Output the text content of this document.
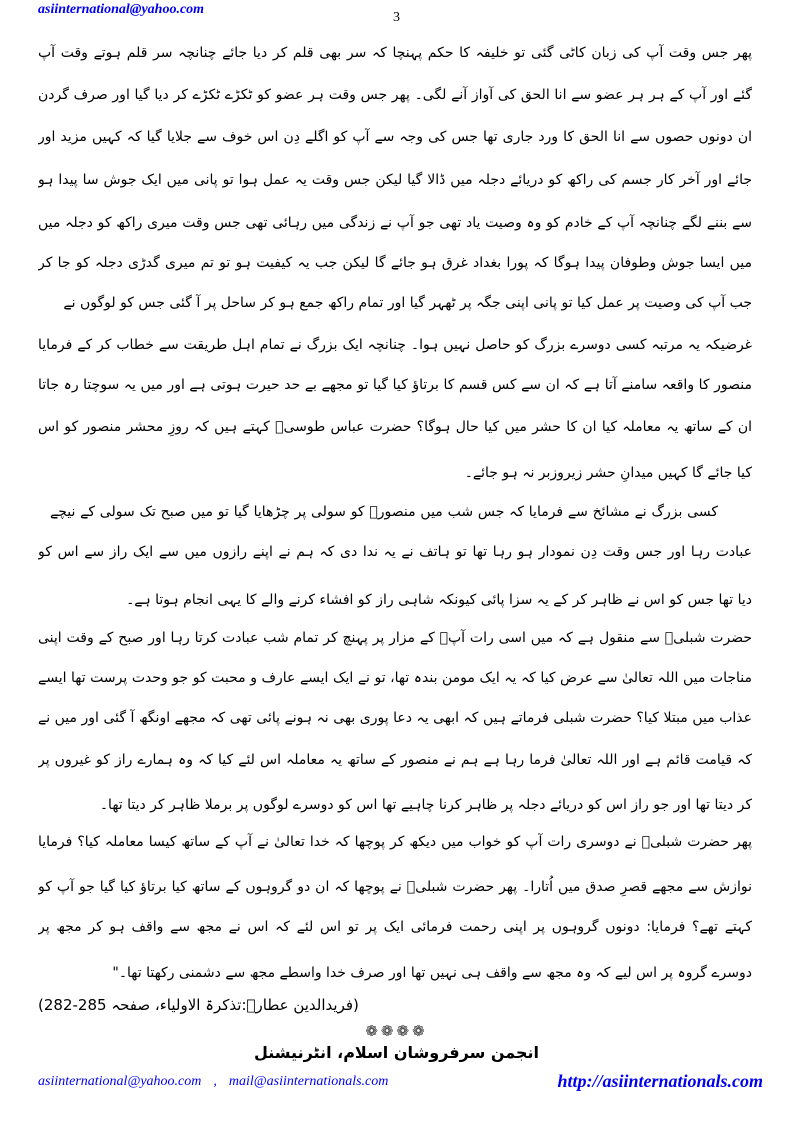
asiinternational@yahoo.com
3
پھر جس وقت آپ کی زبان کاٹی گئی تو خلیفہ کا حکم پہنچا کہ سر بھی قلم کر دیا جائے چنانچہ سر قلم ہوتے وقت آپ
گئے اور آپ کے ہر ہر عضو سے انا الحق کی آواز آنے لگی۔ پھر جس وقت ہر عضو کو ٹکڑے ٹکڑے کر دیا گیا اور صرف گردن
ان دونوں حصوں سے انا الحق کا ورد جاری تھا جس کی وجہ سے آپ کو اگلے دِن اس خوف سے جلایا گیا کہ کہیں مزید اور
جائے اور آخر کار جسم کی راکھ کو دریائے دجلہ میں ڈالا گیا لیکن جس وقت یہ عمل ہوا تو پانی میں ایک جوش سا پیدا ہو
سے بننے لگے چنانچہ آپ کے خادم کو وہ وصیت یاد تھی جو آپ نے زندگی میں رہائی تھی جس وقت میری راکھ کو دجلہ میں
میں ایسا جوش وطوفان پیدا ہوگا کہ پورا بغداد غرق ہو جائے گا لیکن جب یہ کیفیت ہو تو تم میری گدڑی دجلہ کو جا کر
جب آپ کی وصیت پر عمل کیا تو پانی اپنی جگہ پر ٹھہر گیا اور تمام راکھ جمع ہو کر ساحل پر آ گئی جس کو لوگوں نے
غرضیکہ یہ مرتبہ کسی دوسرے بزرگ کو حاصل نہیں ہوا۔ چنانچہ ایک بزرگ نے تمام اہل طریقت سے خطاب کر کے فرمایا
منصور کا واقعہ سامنے آتا ہے کہ ان سے کس قسم کا برتاؤ کیا گیا تو مجھے بے حد حیرت ہوتی ہے اور میں یہ سوچتا رہ جاتا
ان کے ساتھ یہ معاملہ کیا ان کا حشر میں کیا حال ہوگا؟ حضرت عباس طوسیؒ کہتے ہیں کہ روزِ محشر منصور کو اس
کیا جائے گا کہیں میدانِ حشر زیروزبر نہ ہو جائے۔
کسی بزرگ نے مشائخ سے فرمایا کہ جس شب میں منصورؒ کو سولی پر چڑھایا گیا تو میں صبح تک سولی کے نیچے
عبادت رہا اور جس وقت دِن نمودار ہو رہا تھا تو ہاتف نے یہ ندا دی کہ ہم نے اپنے رازوں میں سے ایک راز سے اس کو
دیا تھا جس کو اس نے ظاہر کر کے یہ سزا پائی کیونکہ شاہی راز کو افشاء کرنے والے کا یہی انجام ہوتا ہے۔
حضرت شبلیؒ سے منقول ہے کہ میں اسی رات آپؒ کے مزار پر پہنچ کر تمام شب عبادت کرتا رہا اور صبح کے وقت اپنی
مناجات میں اللہ تعالیٰ سے عرض کیا کہ یہ ایک مومن بندہ تھا، تو نے ایک ایسے عارف و محبت کو جو وحدت پرست تھا ایسے
عذاب میں مبتلا کیا؟ حضرت شبلی فرماتے ہیں کہ ابھی یہ دعا پوری بھی نہ ہونے پائی تھی کہ مجھے اونگھ آ گئی اور میں نے
کہ قیامت قائم ہے اور اللہ تعالیٰ فرما رہا ہے ہم نے منصور کے ساتھ یہ معاملہ اس لئے کیا کہ وہ ہمارے راز کو غیروں پر
کر دیتا تھا اور جو راز اس کو دریائے دجلہ پر ظاہر کرنا چاہیے تھا اس کو دوسرے لوگوں پر برملا ظاہر کر دیتا تھا۔
پھر حضرت شبلیؒ نے دوسری رات آپ کو خواب میں دیکھ کر پوچھا کہ خدا تعالیٰ نے آپ کے ساتھ کیسا معاملہ کیا؟ فرمایا
نوازش سے مجھے قصرِ صدق میں اُتارا۔ پھر حضرت شبلیؒ نے پوچھا کہ ان دو گروہوں کے ساتھ کیا برتاؤ کیا گیا جو آپ کو
کہتے تھے؟ فرمایا: دونوں گروہوں پر اپنی رحمت فرمائی ایک پر تو اس لئے کہ اس نے مجھ سے واقف ہو کر مجھ پر
دوسرے گروہ پر اس لیے کہ وہ مجھ سے واقف ہی نہیں تھا اور صرف خدا واسطے مجھ سے دشمنی رکھتا تھا۔"
(فریدالدین عطارؒ:تذکرۃ الاولیاء، صفحہ 285-282)
❁❁❁❁
انجمن سرفروشان اسلام، انٹرنیشنل
asiinternational@yahoo.com , mail@asiinternationals.com	http://asiinternationals.com
